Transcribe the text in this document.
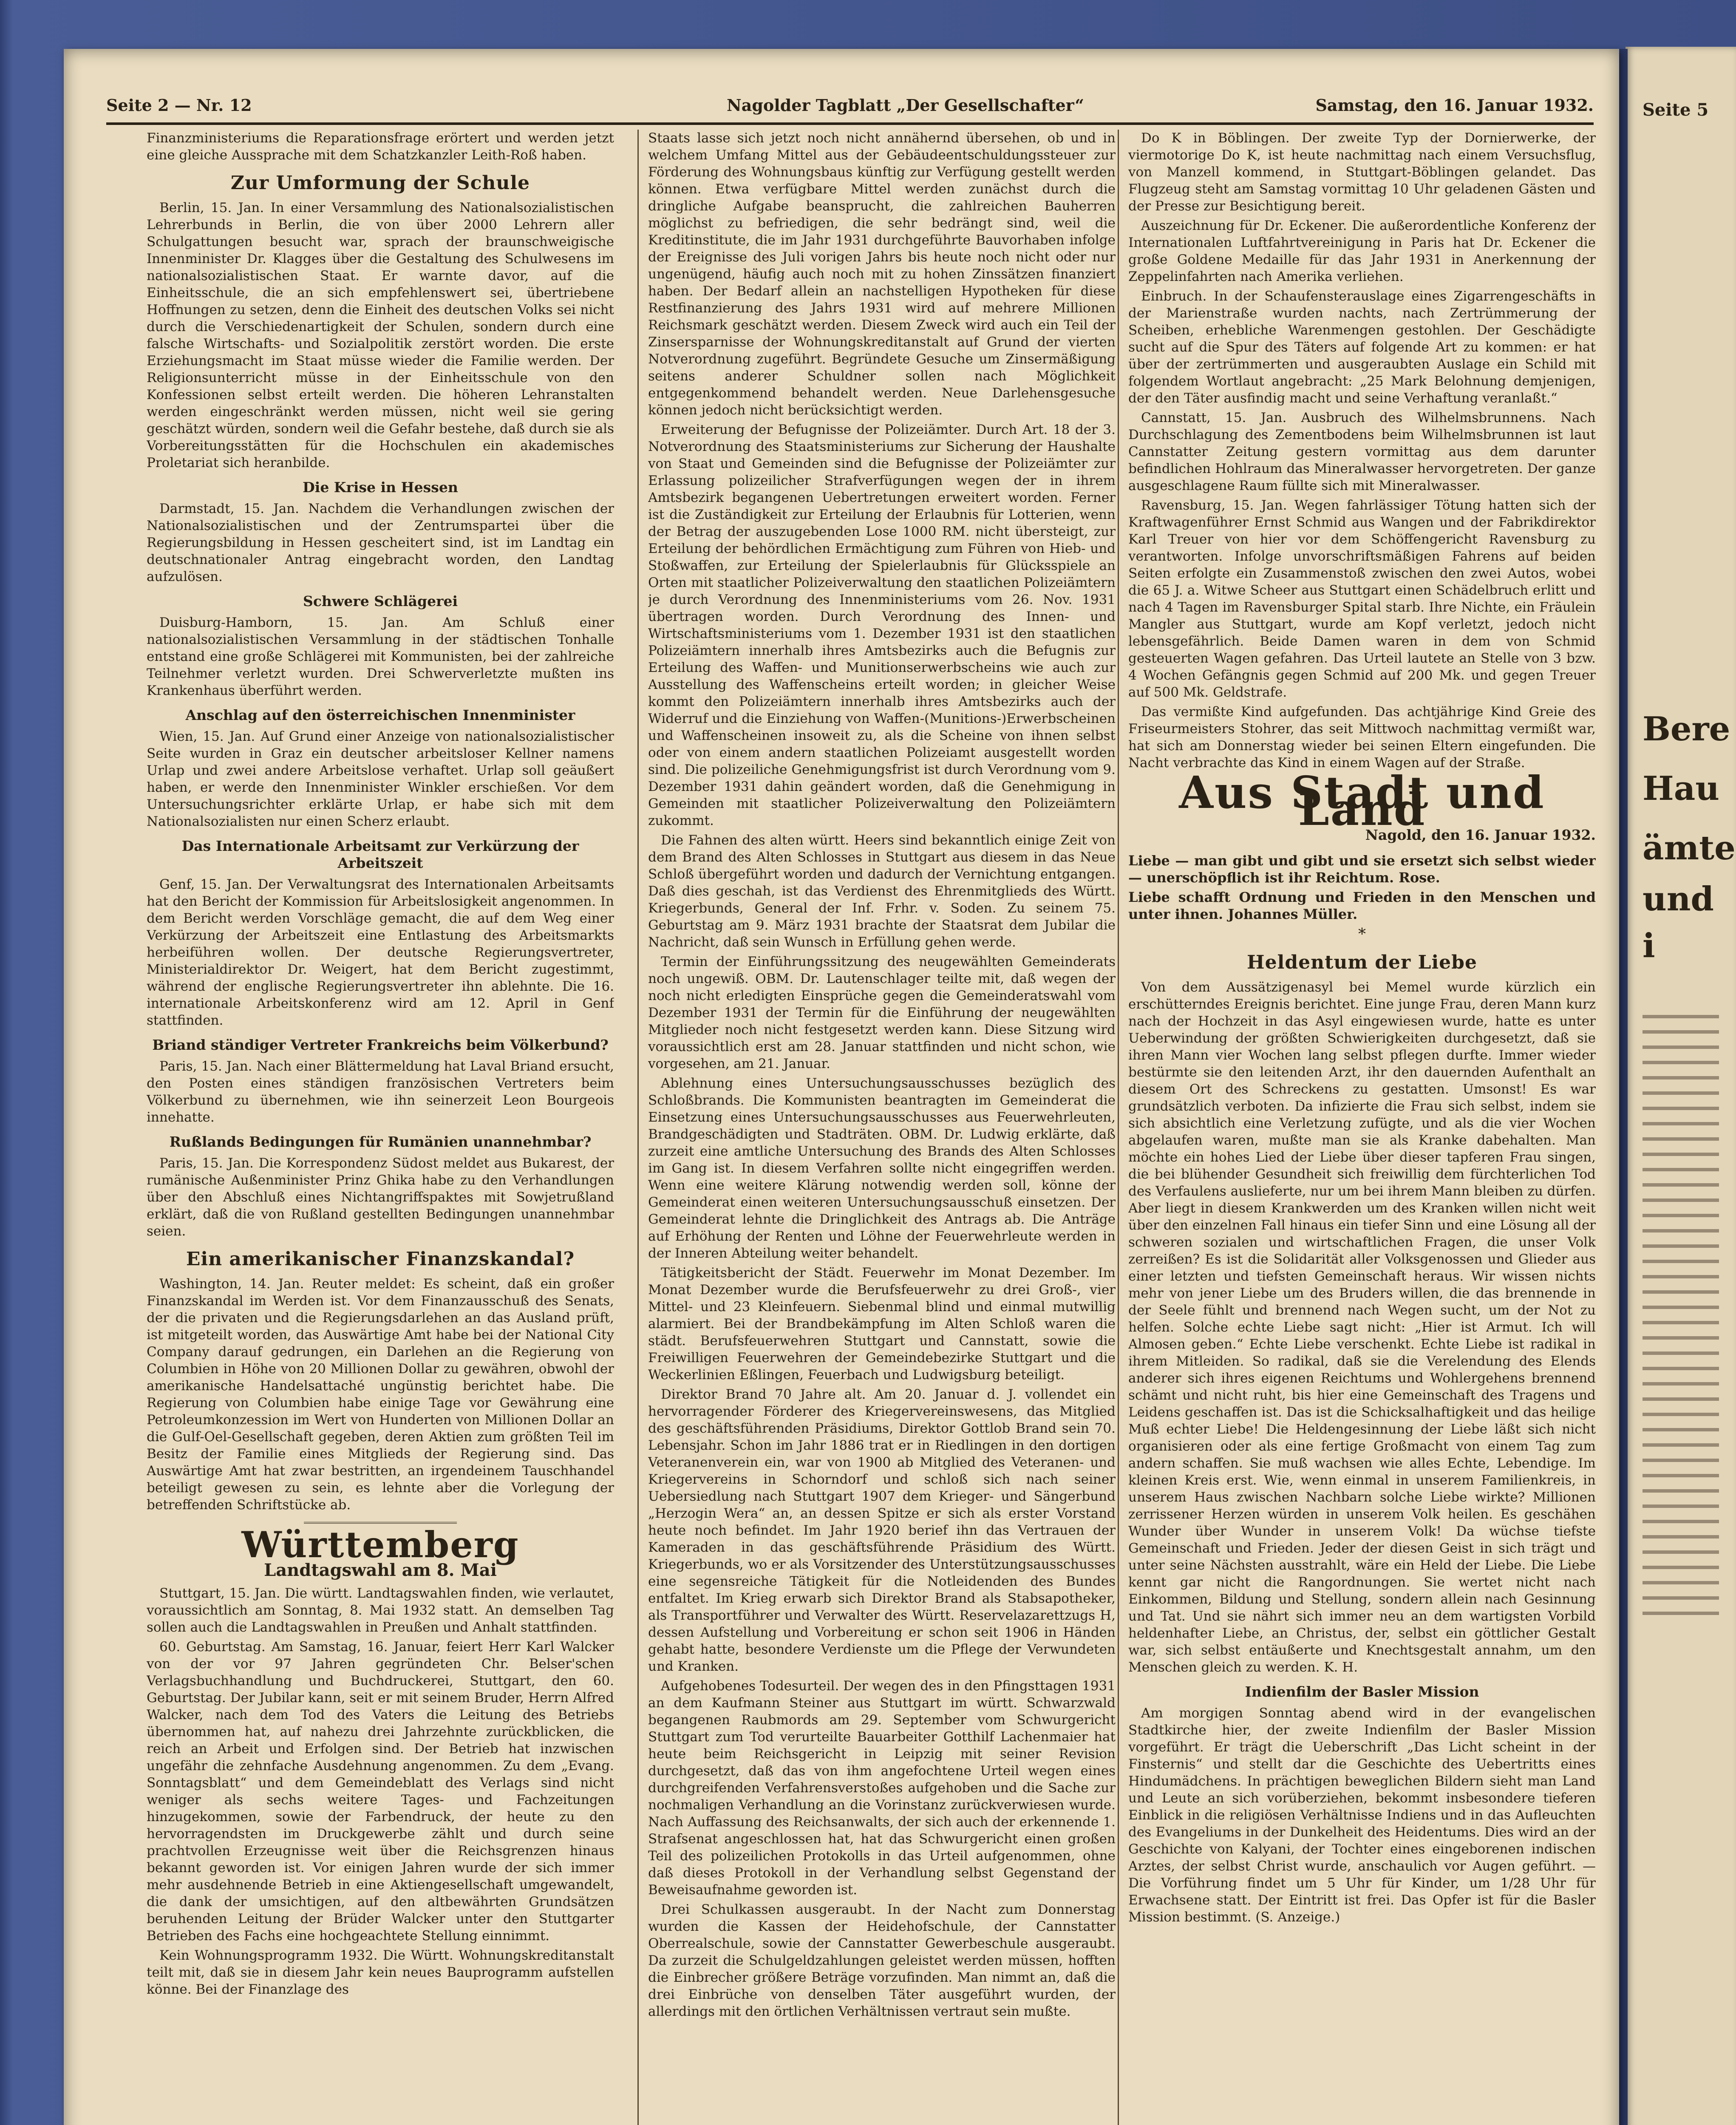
Seite 5
Bere
Hau
ämte
und
i
Seite 2 — Nr. 12	Nagolder Tagblatt „Der Gesellschafter“	Samstag, den 16. Januar 1932.

Finanzministeriums die Reparationsfrage erörtert und werden jetzt eine gleiche Aussprache mit dem Schatzkanzler Leith-Roß haben.

Zur Umformung der Schule

Berlin, 15. Jan. In einer Versammlung des Nationalsozialistischen Lehrerbunds in Berlin, die von über 2000 Lehrern aller Schulgattungen besucht war, sprach der braunschweigische Innenminister Dr. Klagges über die Gestaltung des Schulwesens im nationalsozialistischen Staat. Er warnte davor, auf die Einheitsschule, die an sich empfehlenswert sei, übertriebene Hoffnungen zu setzen, denn die Einheit des deutschen Volks sei nicht durch die Verschiedenartigkeit der Schulen, sondern durch eine falsche Wirtschafts- und Sozialpolitik zerstört worden. Die erste Erziehungsmacht im Staat müsse wieder die Familie werden. Der Religionsunterricht müsse in der Einheitsschule von den Konfessionen selbst erteilt werden. Die höheren Lehranstalten werden eingeschränkt werden müssen, nicht weil sie gering geschätzt würden, sondern weil die Gefahr bestehe, daß durch sie als Vorbereitungsstätten für die Hochschulen ein akademisches Proletariat sich heranbilde.

Die Krise in Hessen

Darmstadt, 15. Jan. Nachdem die Verhandlungen zwischen der Nationalsozialistischen und der Zentrumspartei über die Regierungsbildung in Hessen gescheitert sind, ist im Landtag ein deutschnationaler Antrag eingebracht worden, den Landtag aufzulösen.

Schwere Schlägerei

Duisburg-Hamborn, 15. Jan. Am Schluß einer nationalsozialistischen Versammlung in der städtischen Tonhalle entstand eine große Schlägerei mit Kommunisten, bei der zahlreiche Teilnehmer verletzt wurden. Drei Schwerverletzte mußten ins Krankenhaus überführt werden.

Anschlag auf den österreichischen Innenminister

Wien, 15. Jan. Auf Grund einer Anzeige von nationalsozialistischer Seite wurden in Graz ein deutscher arbeitsloser Kellner namens Urlap und zwei andere Arbeitslose verhaftet. Urlap soll geäußert haben, er werde den Innenminister Winkler erschießen. Vor dem Untersuchungsrichter erklärte Urlap, er habe sich mit dem Nationalsozialisten nur einen Scherz erlaubt.

Das Internationale Arbeitsamt zur Verkürzung der Arbeitszeit

Genf, 15. Jan. Der Verwaltungsrat des Internationalen Arbeitsamts hat den Bericht der Kommission für Arbeitslosigkeit angenommen. In dem Bericht werden Vorschläge gemacht, die auf dem Weg einer Verkürzung der Arbeitszeit eine Entlastung des Arbeitsmarkts herbeiführen wollen. Der deutsche Regierungsvertreter, Ministerialdirektor Dr. Weigert, hat dem Bericht zugestimmt, während der englische Regierungsvertreter ihn ablehnte. Die 16. internationale Arbeitskonferenz wird am 12. April in Genf stattfinden.

Briand ständiger Vertreter Frankreichs beim Völkerbund?

Paris, 15. Jan. Nach einer Blättermeldung hat Laval Briand ersucht, den Posten eines ständigen französischen Vertreters beim Völkerbund zu übernehmen, wie ihn seinerzeit Leon Bourgeois innehatte.

Rußlands Bedingungen für Rumänien unannehmbar?

Paris, 15. Jan. Die Korrespondenz Südost meldet aus Bukarest, der rumänische Außenminister Prinz Ghika habe zu den Verhandlungen über den Abschluß eines Nichtangriffspaktes mit Sowjetrußland erklärt, daß die von Rußland gestellten Bedingungen unannehmbar seien.

Ein amerikanischer Finanzskandal?

Washington, 14. Jan. Reuter meldet: Es scheint, daß ein großer Finanzskandal im Werden ist. Vor dem Finanzausschuß des Senats, der die privaten und die Regierungsdarlehen an das Ausland prüft, ist mitgeteilt worden, das Auswärtige Amt habe bei der National City Company darauf gedrungen, ein Darlehen an die Regierung von Columbien in Höhe von 20 Millionen Dollar zu gewähren, obwohl der amerikanische Handelsattaché ungünstig berichtet habe. Die Regierung von Columbien habe einige Tage vor Gewährung eine Petroleumkonzession im Wert von Hunderten von Millionen Dollar an die Gulf-Oel-Gesellschaft gegeben, deren Aktien zum größten Teil im Besitz der Familie eines Mitglieds der Regierung sind. Das Auswärtige Amt hat zwar bestritten, an irgendeinem Tauschhandel beteiligt gewesen zu sein, es lehnte aber die Vorlegung der betreffenden Schriftstücke ab.

Württemberg
Landtagswahl am 8. Mai

Stuttgart, 15. Jan. Die württ. Landtagswahlen finden, wie verlautet, voraussichtlich am Sonntag, 8. Mai 1932 statt. An demselben Tag sollen auch die Landtagswahlen in Preußen und Anhalt stattfinden.

60. Geburtstag. Am Samstag, 16. Januar, feiert Herr Karl Walcker von der vor 97 Jahren gegründeten Chr. Belser'schen Verlagsbuchhandlung und Buchdruckerei, Stuttgart, den 60. Geburtstag. Der Jubilar kann, seit er mit seinem Bruder, Herrn Alfred Walcker, nach dem Tod des Vaters die Leitung des Betriebs übernommen hat, auf nahezu drei Jahrzehnte zurückblicken, die reich an Arbeit und Erfolgen sind. Der Betrieb hat inzwischen ungefähr die zehnfache Ausdehnung angenommen. Zu dem „Evang. Sonntagsblatt“ und dem Gemeindeblatt des Verlags sind nicht weniger als sechs weitere Tages- und Fachzeitungen hinzugekommen, sowie der Farbendruck, der heute zu den hervorragendsten im Druckgewerbe zählt und durch seine prachtvollen Erzeugnisse weit über die Reichsgrenzen hinaus bekannt geworden ist. Vor einigen Jahren wurde der sich immer mehr ausdehnende Betrieb in eine Aktiengesellschaft umgewandelt, die dank der umsichtigen, auf den altbewährten Grundsätzen beruhenden Leitung der Brüder Walcker unter den Stuttgarter Betrieben des Fachs eine hochgeachtete Stellung einnimmt.

Kein Wohnungsprogramm 1932. Die Württ. Wohnungskreditanstalt teilt mit, daß sie in diesem Jahr kein neues Bauprogramm aufstellen könne. Bei der Finanzlage des

Staats lasse sich jetzt noch nicht annähernd übersehen, ob und in welchem Umfang Mittel aus der Gebäudeentschuldungssteuer zur Förderung des Wohnungsbaus künftig zur Verfügung gestellt werden können. Etwa verfügbare Mittel werden zunächst durch die dringliche Aufgabe beansprucht, die zahlreichen Bauherren möglichst zu befriedigen, die sehr bedrängt sind, weil die Kreditinstitute, die im Jahr 1931 durchgeführte Bauvorhaben infolge der Ereignisse des Juli vorigen Jahrs bis heute noch nicht oder nur ungenügend, häufig auch noch mit zu hohen Zinssätzen finanziert haben. Der Bedarf allein an nachstelligen Hypotheken für diese Restfinanzierung des Jahrs 1931 wird auf mehrere Millionen Reichsmark geschätzt werden. Diesem Zweck wird auch ein Teil der Zinsersparnisse der Wohnungskreditanstalt auf Grund der vierten Notverordnung zugeführt. Begründete Gesuche um Zinsermäßigung seitens anderer Schuldner sollen nach Möglichkeit entgegenkommend behandelt werden. Neue Darlehensgesuche können jedoch nicht berücksichtigt werden.

Erweiterung der Befugnisse der Polizeiämter. Durch Art. 18 der 3. Notverordnung des Staatsministeriums zur Sicherung der Haushalte von Staat und Gemeinden sind die Befugnisse der Polizeiämter zur Erlassung polizeilicher Strafverfügungen wegen der in ihrem Amtsbezirk begangenen Uebertretungen erweitert worden. Ferner ist die Zuständigkeit zur Erteilung der Erlaubnis für Lotterien, wenn der Betrag der auszugebenden Lose 1000 RM. nicht übersteigt, zur Erteilung der behördlichen Ermächtigung zum Führen von Hieb- und Stoßwaffen, zur Erteilung der Spielerlaubnis für Glücksspiele an Orten mit staatlicher Polizeiverwaltung den staatlichen Polizeiämtern je durch Verordnung des Innenministeriums vom 26. Nov. 1931 übertragen worden. Durch Verordnung des Innen- und Wirtschaftsministeriums vom 1. Dezember 1931 ist den staatlichen Polizeiämtern innerhalb ihres Amtsbezirks auch die Befugnis zur Erteilung des Waffen- und Munitionserwerbscheins wie auch zur Ausstellung des Waffenscheins erteilt worden; in gleicher Weise kommt den Polizeiämtern innerhalb ihres Amtsbezirks auch der Widerruf und die Einziehung von Waffen-(Munitions-)Erwerbscheinen und Waffenscheinen insoweit zu, als die Scheine von ihnen selbst oder von einem andern staatlichen Polizeiamt ausgestellt worden sind. Die polizeiliche Genehmigungsfrist ist durch Verordnung vom 9. Dezember 1931 dahin geändert worden, daß die Genehmigung in Gemeinden mit staatlicher Polizeiverwaltung den Polizeiämtern zukommt.

Die Fahnen des alten württ. Heers sind bekanntlich einige Zeit von dem Brand des Alten Schlosses in Stuttgart aus diesem in das Neue Schloß übergeführt worden und dadurch der Vernichtung entgangen. Daß dies geschah, ist das Verdienst des Ehrenmitglieds des Württ. Kriegerbunds, General der Inf. Frhr. v. Soden. Zu seinem 75. Geburtstag am 9. März 1931 brachte der Staatsrat dem Jubilar die Nachricht, daß sein Wunsch in Erfüllung gehen werde.

Termin der Einführungssitzung des neugewählten Gemeinderats noch ungewiß. OBM. Dr. Lautenschlager teilte mit, daß wegen der noch nicht erledigten Einsprüche gegen die Gemeinderatswahl vom Dezember 1931 der Termin für die Einführung der neugewählten Mitglieder noch nicht festgesetzt werden kann. Diese Sitzung wird voraussichtlich erst am 28. Januar stattfinden und nicht schon, wie vorgesehen, am 21. Januar.

Ablehnung eines Untersuchungsausschusses bezüglich des Schloßbrands. Die Kommunisten beantragten im Gemeinderat die Einsetzung eines Untersuchungsausschusses aus Feuerwehrleuten, Brandgeschädigten und Stadträten. OBM. Dr. Ludwig erklärte, daß zurzeit eine amtliche Untersuchung des Brands des Alten Schlosses im Gang ist. In diesem Verfahren sollte nicht eingegriffen werden. Wenn eine weitere Klärung notwendig werden soll, könne der Gemeinderat einen weiteren Untersuchungsausschuß einsetzen. Der Gemeinderat lehnte die Dringlichkeit des Antrags ab. Die Anträge auf Erhöhung der Renten und Löhne der Feuerwehrleute werden in der Inneren Abteilung weiter behandelt.

Tätigkeitsbericht der Städt. Feuerwehr im Monat Dezember. Im Monat Dezember wurde die Berufsfeuerwehr zu drei Groß-, vier Mittel- und 23 Kleinfeuern. Siebenmal blind und einmal mutwillig alarmiert. Bei der Brandbekämpfung im Alten Schloß waren die städt. Berufsfeuerwehren Stuttgart und Cannstatt, sowie die Freiwilligen Feuerwehren der Gemeindebezirke Stuttgart und die Weckerlinien Eßlingen, Feuerbach und Ludwigsburg beteiligt.

Direktor Brand 70 Jahre alt. Am 20. Januar d. J. vollendet ein hervorragender Förderer des Kriegervereinswesens, das Mitglied des geschäftsführenden Präsidiums, Direktor Gottlob Brand sein 70. Lebensjahr. Schon im Jahr 1886 trat er in Riedlingen in den dortigen Veteranenverein ein, war von 1900 ab Mitglied des Veteranen- und Kriegervereins in Schorndorf und schloß sich nach seiner Uebersiedlung nach Stuttgart 1907 dem Krieger- und Sängerbund „Herzogin Wera“ an, an dessen Spitze er sich als erster Vorstand heute noch befindet. Im Jahr 1920 berief ihn das Vertrauen der Kameraden in das geschäftsführende Präsidium des Württ. Kriegerbunds, wo er als Vorsitzender des Unterstützungsausschusses eine segensreiche Tätigkeit für die Notleidenden des Bundes entfaltet. Im Krieg erwarb sich Direktor Brand als Stabsapotheker, als Transportführer und Verwalter des Württ. Reservelazarettzugs H, dessen Aufstellung und Vorbereitung er schon seit 1906 in Händen gehabt hatte, besondere Verdienste um die Pflege der Verwundeten und Kranken.

Aufgehobenes Todesurteil. Der wegen des in den Pfingsttagen 1931 an dem Kaufmann Steiner aus Stuttgart im württ. Schwarzwald begangenen Raubmords am 29. September vom Schwurgericht Stuttgart zum Tod verurteilte Bauarbeiter Gotthilf Lachenmaier hat heute beim Reichsgericht in Leipzig mit seiner Revision durchgesetzt, daß das von ihm angefochtene Urteil wegen eines durchgreifenden Verfahrensverstoßes aufgehoben und die Sache zur nochmaligen Verhandlung an die Vorinstanz zurückverwiesen wurde. Nach Auffassung des Reichsanwalts, der sich auch der erkennende 1. Strafsenat angeschlossen hat, hat das Schwurgericht einen großen Teil des polizeilichen Protokolls in das Urteil aufgenommen, ohne daß dieses Protokoll in der Verhandlung selbst Gegenstand der Beweisaufnahme geworden ist.

Drei Schulkassen ausgeraubt. In der Nacht zum Donnerstag wurden die Kassen der Heidehofschule, der Cannstatter Oberrealschule, sowie der Cannstatter Gewerbeschule ausgeraubt. Da zurzeit die Schulgeldzahlungen geleistet werden müssen, hofften die Einbrecher größere Beträge vorzufinden. Man nimmt an, daß die drei Einbrüche von denselben Täter ausgeführt wurden, der allerdings mit den örtlichen Verhältnissen vertraut sein mußte.

Do K in Böblingen. Der zweite Typ der Dornierwerke, der viermotorige Do K, ist heute nachmittag nach einem Versuchsflug, von Manzell kommend, in Stuttgart-Böblingen gelandet. Das Flugzeug steht am Samstag vormittag 10 Uhr geladenen Gästen und der Presse zur Besichtigung bereit.

Auszeichnung für Dr. Eckener. Die außerordentliche Konferenz der Internationalen Luftfahrtvereinigung in Paris hat Dr. Eckener die große Goldene Medaille für das Jahr 1931 in Anerkennung der Zeppelinfahrten nach Amerika verliehen.

Einbruch. In der Schaufensterauslage eines Zigarrengeschäfts in der Marienstraße wurden nachts, nach Zertrümmerung der Scheiben, erhebliche Warenmengen gestohlen. Der Geschädigte sucht auf die Spur des Täters auf folgende Art zu kommen: er hat über der zertrümmerten und ausgeraubten Auslage ein Schild mit folgendem Wortlaut angebracht: „25 Mark Belohnung demjenigen, der den Täter ausfindig macht und seine Verhaftung veranlaßt.“

Cannstatt, 15. Jan. Ausbruch des Wilhelmsbrunnens. Nach Durchschlagung des Zementbodens beim Wilhelmsbrunnen ist laut Cannstatter Zeitung gestern vormittag aus dem darunter befindlichen Hohlraum das Mineralwasser hervorgetreten. Der ganze ausgeschlagene Raum füllte sich mit Mineralwasser.

Ravensburg, 15. Jan. Wegen fahrlässiger Tötung hatten sich der Kraftwagenführer Ernst Schmid aus Wangen und der Fabrikdirektor Karl Treuer von hier vor dem Schöffengericht Ravensburg zu verantworten. Infolge unvorschriftsmäßigen Fahrens auf beiden Seiten erfolgte ein Zusammenstoß zwischen den zwei Autos, wobei die 65 J. a. Witwe Scheer aus Stuttgart einen Schädelbruch erlitt und nach 4 Tagen im Ravensburger Spital starb. Ihre Nichte, ein Fräulein Mangler aus Stuttgart, wurde am Kopf verletzt, jedoch nicht lebensgefährlich. Beide Damen waren in dem von Schmid gesteuerten Wagen gefahren. Das Urteil lautete an Stelle von 3 bzw. 4 Wochen Gefängnis gegen Schmid auf 200 Mk. und gegen Treuer auf 500 Mk. Geldstrafe.

Das vermißte Kind aufgefunden. Das achtjährige Kind Greie des Friseurmeisters Stohrer, das seit Mittwoch nachmittag vermißt war, hat sich am Donnerstag wieder bei seinen Eltern eingefunden. Die Nacht verbrachte das Kind in einem Wagen auf der Straße.

Aus Stadt und Land
Nagold, den 16. Januar 1932.

Liebe — man gibt und gibt und sie ersetzt sich selbst wieder — unerschöpflich ist ihr Reichtum. Rose.

Liebe schafft Ordnung und Frieden in den Menschen und unter ihnen. Johannes Müller.

*
Heldentum der Liebe

Von dem Aussätzigenasyl bei Memel wurde kürzlich ein erschütterndes Ereignis berichtet. Eine junge Frau, deren Mann kurz nach der Hochzeit in das Asyl eingewiesen wurde, hatte es unter Ueberwindung der größten Schwierigkeiten durchgesetzt, daß sie ihren Mann vier Wochen lang selbst pflegen durfte. Immer wieder bestürmte sie den leitenden Arzt, ihr den dauernden Aufenthalt an diesem Ort des Schreckens zu gestatten. Umsonst! Es war grundsätzlich verboten. Da infizierte die Frau sich selbst, indem sie sich absichtlich eine Verletzung zufügte, und als die vier Wochen abgelaufen waren, mußte man sie als Kranke dabehalten. Man möchte ein hohes Lied der Liebe über dieser tapferen Frau singen, die bei blühender Gesundheit sich freiwillig dem fürchterlichen Tod des Verfaulens auslieferte, nur um bei ihrem Mann bleiben zu dürfen. Aber liegt in diesem Krankwerden um des Kranken willen nicht weit über den einzelnen Fall hinaus ein tiefer Sinn und eine Lösung all der schweren sozialen und wirtschaftlichen Fragen, die unser Volk zerreißen? Es ist die Solidarität aller Volksgenossen und Glieder aus einer letzten und tiefsten Gemeinschaft heraus. Wir wissen nichts mehr von jener Liebe um des Bruders willen, die das brennende in der Seele fühlt und brennend nach Wegen sucht, um der Not zu helfen. Solche echte Liebe sagt nicht: „Hier ist Armut. Ich will Almosen geben.“ Echte Liebe verschenkt. Echte Liebe ist radikal in ihrem Mitleiden. So radikal, daß sie die Verelendung des Elends anderer sich ihres eigenen Reichtums und Wohlergehens brennend schämt und nicht ruht, bis hier eine Gemeinschaft des Tragens und Leidens geschaffen ist. Das ist die Schicksalhaftigkeit und das heilige Muß echter Liebe! Die Heldengesinnung der Liebe läßt sich nicht organisieren oder als eine fertige Großmacht von einem Tag zum andern schaffen. Sie muß wachsen wie alles Echte, Lebendige. Im kleinen Kreis erst. Wie, wenn einmal in unserem Familienkreis, in unserem Haus zwischen Nachbarn solche Liebe wirkte? Millionen zerrissener Herzen würden in unserem Volk heilen. Es geschähen Wunder über Wunder in unserem Volk! Da wüchse tiefste Gemeinschaft und Frieden. Jeder der diesen Geist in sich trägt und unter seine Nächsten ausstrahlt, wäre ein Held der Liebe. Die Liebe kennt gar nicht die Rangordnungen. Sie wertet nicht nach Einkommen, Bildung und Stellung, sondern allein nach Gesinnung und Tat. Und sie nährt sich immer neu an dem wartigsten Vorbild heldenhafter Liebe, an Christus, der, selbst ein göttlicher Gestalt war, sich selbst entäußerte und Knechtsgestalt annahm, um den Menschen gleich zu werden. K. H.

Indienfilm der Basler Mission

Am morgigen Sonntag abend wird in der evangelischen Stadtkirche hier, der zweite Indienfilm der Basler Mission vorgeführt. Er trägt die Ueberschrift „Das Licht scheint in der Finsternis“ und stellt dar die Geschichte des Uebertritts eines Hindumädchens. In prächtigen beweglichen Bildern sieht man Land und Leute an sich vorüberziehen, bekommt insbesondere tieferen Einblick in die religiösen Verhältnisse Indiens und in das Aufleuchten des Evangeliums in der Dunkelheit des Heidentums. Dies wird an der Geschichte von Kalyani, der Tochter eines eingeborenen indischen Arztes, der selbst Christ wurde, anschaulich vor Augen geführt. — Die Vorführung findet um 5 Uhr für Kinder, um 1/28 Uhr für Erwachsene statt. Der Eintritt ist frei. Das Opfer ist für die Basler Mission bestimmt. (S. Anzeige.)
